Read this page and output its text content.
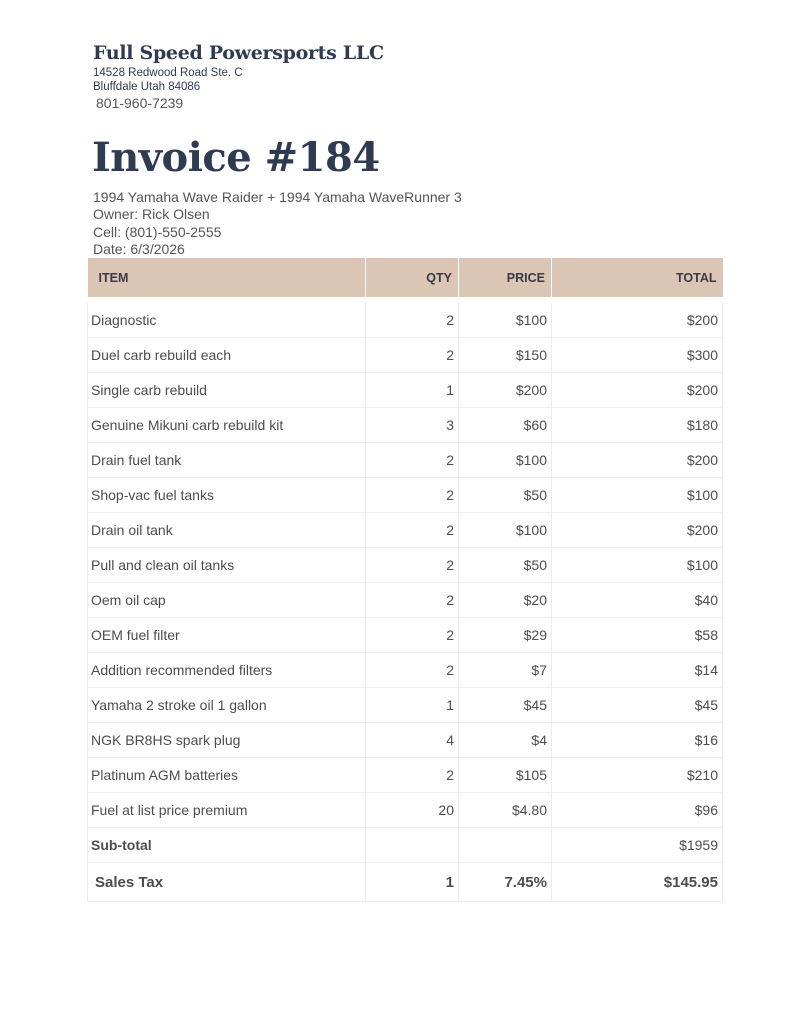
Full Speed Powersports LLC
14528 Redwood Road Ste. C
Bluffdale Utah 84086
801-960-7239
Invoice #184
1994 Yamaha Wave Raider + 1994 Yamaha WaveRunner 3
Owner: Rick Olsen
Cell: (801)-550-2555
Date: 6/3/2026
ITEM	QTY	PRICE	TOTAL

Diagnostic	2	$100	$200
Duel carb rebuild each	2	$150	$300
Single carb rebuild	1	$200	$200
Genuine Mikuni carb rebuild kit	3	$60	$180
Drain fuel tank	2	$100	$200
Shop-vac fuel tanks	2	$50	$100
Drain oil tank	2	$100	$200
Pull and clean oil tanks	2	$50	$100
Oem oil cap	2	$20	$40
OEM fuel filter	2	$29	$58
Addition recommended filters	2	$7	$14
Yamaha 2 stroke oil 1 gallon	1	$45	$45
NGK BR8HS spark plug	4	$4	$16
Platinum AGM batteries	2	$105	$210
Fuel at list price premium	20	$4.80	$96
Sub-total			$1959
Sales Tax	1	7.45%	$145.95
